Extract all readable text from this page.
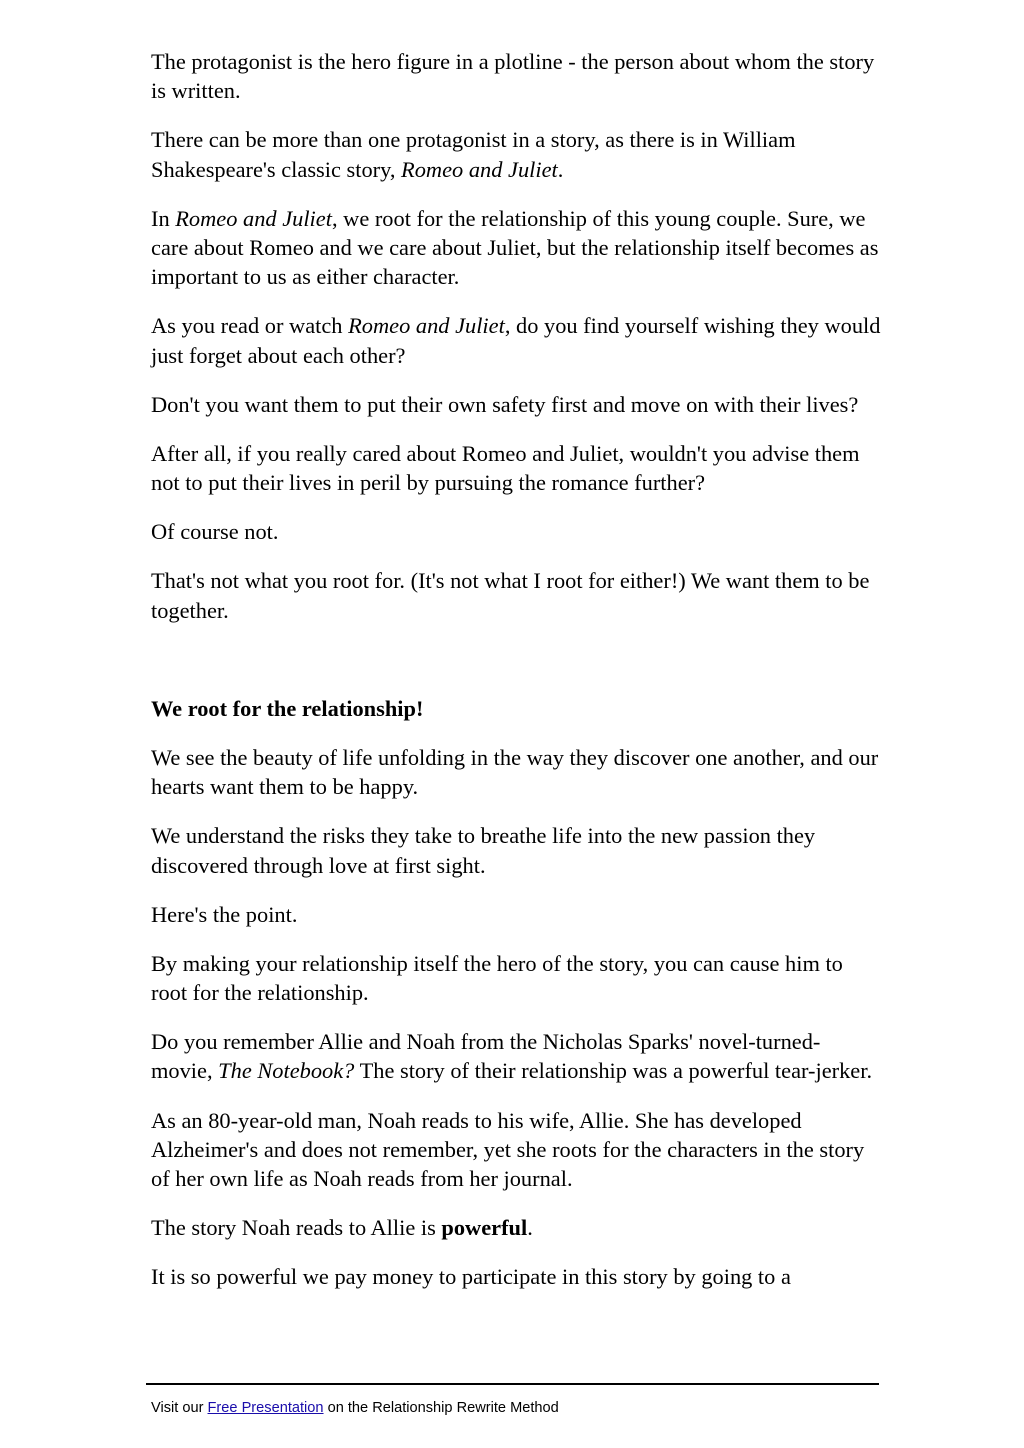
The protagonist is the hero figure in a plotline - the person about whom the story is written.

There can be more than one protagonist in a story, as there is in William Shakespeare's classic story, Romeo and Juliet.

In Romeo and Juliet, we root for the relationship of this young couple. Sure, we care about Romeo and we care about Juliet, but the relationship itself becomes as important to us as either character.

As you read or watch Romeo and Juliet, do you find yourself wishing they would just forget about each other?

Don't you want them to put their own safety first and move on with their lives?

After all, if you really cared about Romeo and Juliet, wouldn't you advise them not to put their lives in peril by pursuing the romance further?

Of course not.

That's not what you root for. (It's not what I root for either!) We want them to be together.

We root for the relationship!

We see the beauty of life unfolding in the way they discover one another, and our hearts want them to be happy.

We understand the risks they take to breathe life into the new passion they discovered through love at first sight.

Here's the point.

By making your relationship itself the hero of the story, you can cause him to root for the relationship.

Do you remember Allie and Noah from the Nicholas Sparks' novel-turned-movie, The Notebook? The story of their relationship was a powerful tear-jerker.

As an 80-year-old man, Noah reads to his wife, Allie. She has developed Alzheimer's and does not remember, yet she roots for the characters in the story of her own life as Noah reads from her journal.

The story Noah reads to Allie is powerful.

It is so powerful we pay money to participate in this story by going to a

Visit our Free Presentation on the Relationship Rewrite Method
